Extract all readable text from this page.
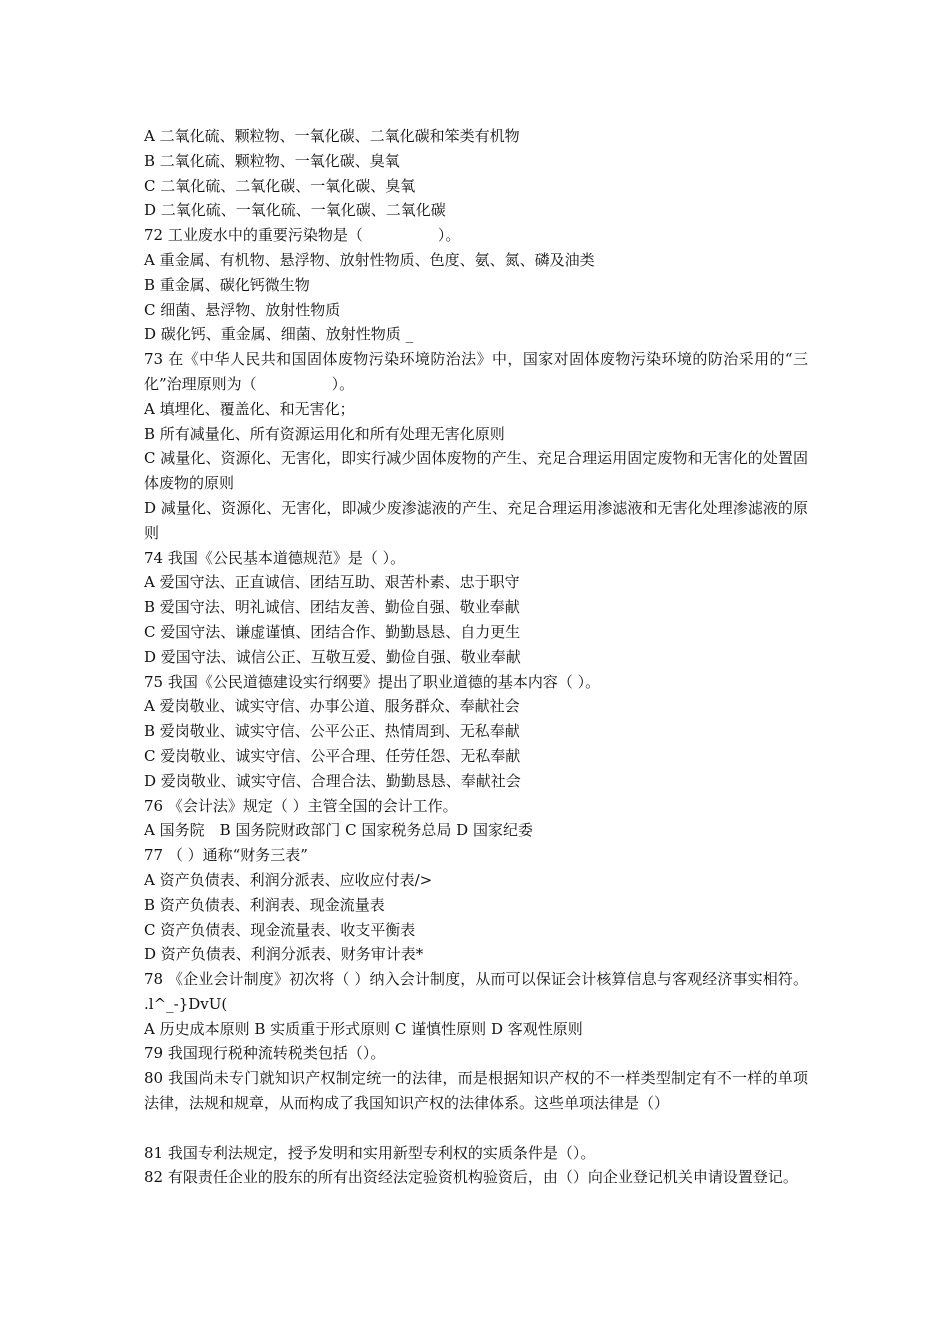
A 二氧化硫、颗粒物、一氧化碳、二氧化碳和笨类有机物
B 二氧化硫、颗粒物、一氧化碳、臭氧
C 二氧化硫、二氧化碳、一氧化碳、臭氧
D 二氧化硫、一氧化硫、一氧化碳、二氧化碳
72 工业废水中的重要污染物是（　　　　　）。
A 重金属、有机物、悬浮物、放射性物质、色度、氨、氮、磷及油类
B 重金属、碳化钙微生物
C 细菌、悬浮物、放射性物质
D 碳化钙、重金属、细菌、放射性物质 _
73 在《中华人民共和国固体废物污染环境防治法》中，国家对固体废物污染环境的防治采用的“三化”治理原则为（　　　　　）。
A 填埋化、覆盖化、和无害化；
B 所有减量化、所有资源运用化和所有处理无害化原则
C 减量化、资源化、无害化，即实行减少固体废物的产生、充足合理运用固定废物和无害化的处置固体废物的原则
D 减量化、资源化、无害化，即减少废渗滤液的产生、充足合理运用渗滤液和无害化处理渗滤液的原则
74 我国《公民基本道德规范》是（ ）。
A 爱国守法、正直诚信、团结互助、艰苦朴素、忠于职守
B 爱国守法、明礼诚信、团结友善、勤俭自强、敬业奉献
C 爱国守法、谦虚谨慎、团结合作、勤勤恳恳、自力更生
D 爱国守法、诚信公正、互敬互爱、勤俭自强、敬业奉献
75 我国《公民道德建设实行纲要》提出了职业道德的基本内容（ ）。
A 爱岗敬业、诚实守信、办事公道、服务群众、奉献社会
B 爱岗敬业、诚实守信、公平公正、热情周到、无私奉献
C 爱岗敬业、诚实守信、公平合理、任劳任怨、无私奉献
D 爱岗敬业、诚实守信、合理合法、勤勤恳恳、奉献社会
76 《会计法》规定（ ）主管全国的会计工作。
A 国务院　B 国务院财政部门 C 国家税务总局 D 国家纪委
77 （ ）通称“财务三表”
A 资产负债表、利润分派表、应收应付表/>
B 资产负债表、利润表、现金流量表
C 资产负债表、现金流量表、收支平衡表
D 资产负债表、利润分派表、财务审计表*
78 《企业会计制度》初次将（ ）纳入会计制度，从而可以保证会计核算信息与客观经济事实相符。 .l^_-}DvU(
A 历史成本原则 B 实质重于形式原则 C 谨慎性原则 D 客观性原则
79 我国现行税种流转税类包括（）。
80 我国尚未专门就知识产权制定统一的法律，而是根据知识产权的不一样类型制定有不一样的单项法律，法规和规章，从而构成了我国知识产权的法律体系。这些单项法律是（）
81 我国专利法规定，授予发明和实用新型专利权的实质条件是（）。
82 有限责任企业的股东的所有出资经法定验资机构验资后，由（）向企业登记机关申请设置登记。
